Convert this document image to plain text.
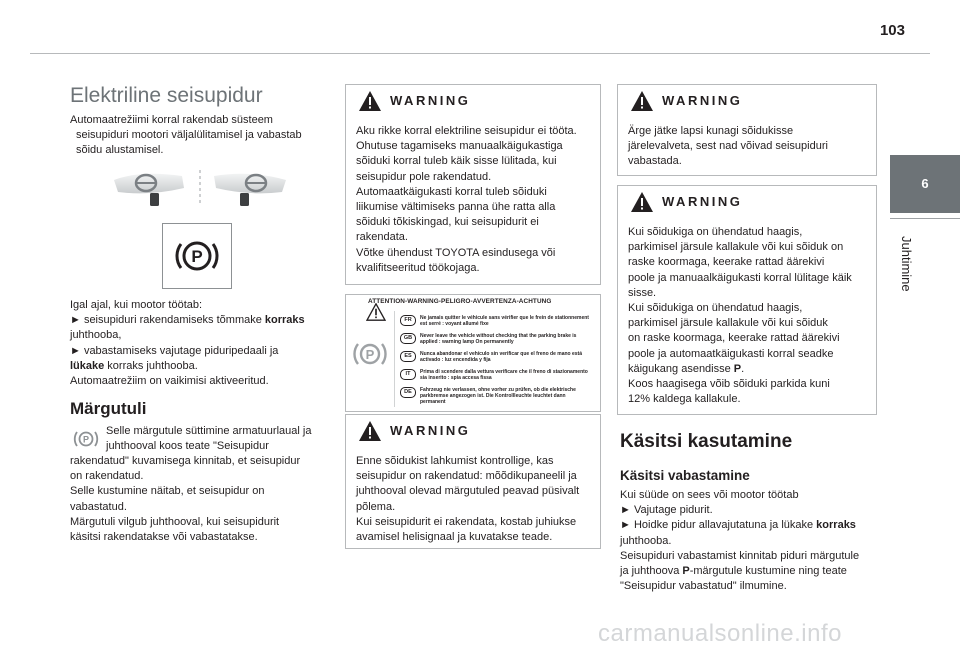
103
6
Juhtimine
Elektriline seisupidur
Automaatrežiimi korral rakendab süsteem
seisupiduri mootori väljalülitamisel ja vabastab
sõidu alustamisel.
P
Igal ajal, kui mootor töötab:
► seisupiduri rakendamiseks tõmmake korraks
juhthooba,
► vabastamiseks vajutage piduripedaali ja
lükake korraks juhthooba.
Automaatrežiim on vaikimisi aktiveeritud.
Märgutuli
P
Selle märgutule süttimine armatuurlaual ja
juhthooval koos teate "Seisupidur
rakendatud" kuvamisega kinnitab, et seisupidur
on rakendatud.
Selle kustumine näitab, et seisupidur on
vabastatud.
Märgutuli vilgub juhthooval, kui seisupidurit
käsitsi rakendatakse või vabastatakse.
WARNING
Aku rikke korral elektriline seisupidur ei tööta.
Ohutuse tagamiseks manuaalkäigukastiga
sõiduki korral tuleb käik sisse lülitada, kui
seisupidur pole rakendatud.
Automaatkäigukasti korral tuleb sõiduki
liikumise vältimiseks panna ühe ratta alla
sõiduki tõkiskingad, kui seisupidurit ei
rakendata.
Võtke ühendust TOYOTA esindusega või
kvalifitseeritud töökojaga.
ATTENTION-WARNING-PELIGRO-AVVERTENZA-ACHTUNG
P
FR	Ne jamais quitter le véhicule sans vérifier que le frein de stationnement est serré : voyant allumé fixe
GB	Never leave the vehicle without checking that the parking brake is applied : warning lamp On permanently
ES	Nunca abandonar el vehículo sin verificar que el freno de mano está activado : luz encendida y fija
IT	Prima di scendere dalla vettura verificare che il freno di stazionamento sia inserito : spia accesa fissa
DE	Fahrzeug nie verlassen, ohne vorher zu prüfen, ob die elektrische parkbremse angezogen ist. Die Kontrollleuchte leuchtet dann permanent
WARNING
Enne sõidukist lahkumist kontrollige, kas
seisupidur on rakendatud: mõõdikupaneelil ja
juhthooval olevad märgutuled peavad püsivalt
põlema.
Kui seisupidurit ei rakendata, kostab juhiukse
avamisel helisignaal ja kuvatakse teade.
WARNING
Ärge jätke lapsi kunagi sõidukisse
järelevalveta, sest nad võivad seisupiduri
vabastada.
WARNING
Kui sõidukiga on ühendatud haagis,
parkimisel järsule kallakule või kui sõiduk on
raske koormaga, keerake rattad äärekivi
poole ja manuaalkäigukasti korral lülitage käik
sisse.
Kui sõidukiga on ühendatud haagis,
parkimisel järsule kallakule või kui sõiduk
on raske koormaga, keerake rattad äärekivi
poole ja automaatkäigukasti korral seadke
käigukang asendisse P.
Koos haagisega võib sõiduki parkida kuni
12% kaldega kallakule.
Käsitsi kasutamine
Käsitsi vabastamine
Kui süüde on sees või mootor töötab
► Vajutage pidurit.
► Hoidke pidur allavajutatuna ja lükake korraks
juhthooba.
Seisupiduri vabastamist kinnitab piduri märgutule
ja juhthoova P-märgutule kustumine ning teate
"Seisupidur vabastatud" ilmumine.
carmanualsonline.info
